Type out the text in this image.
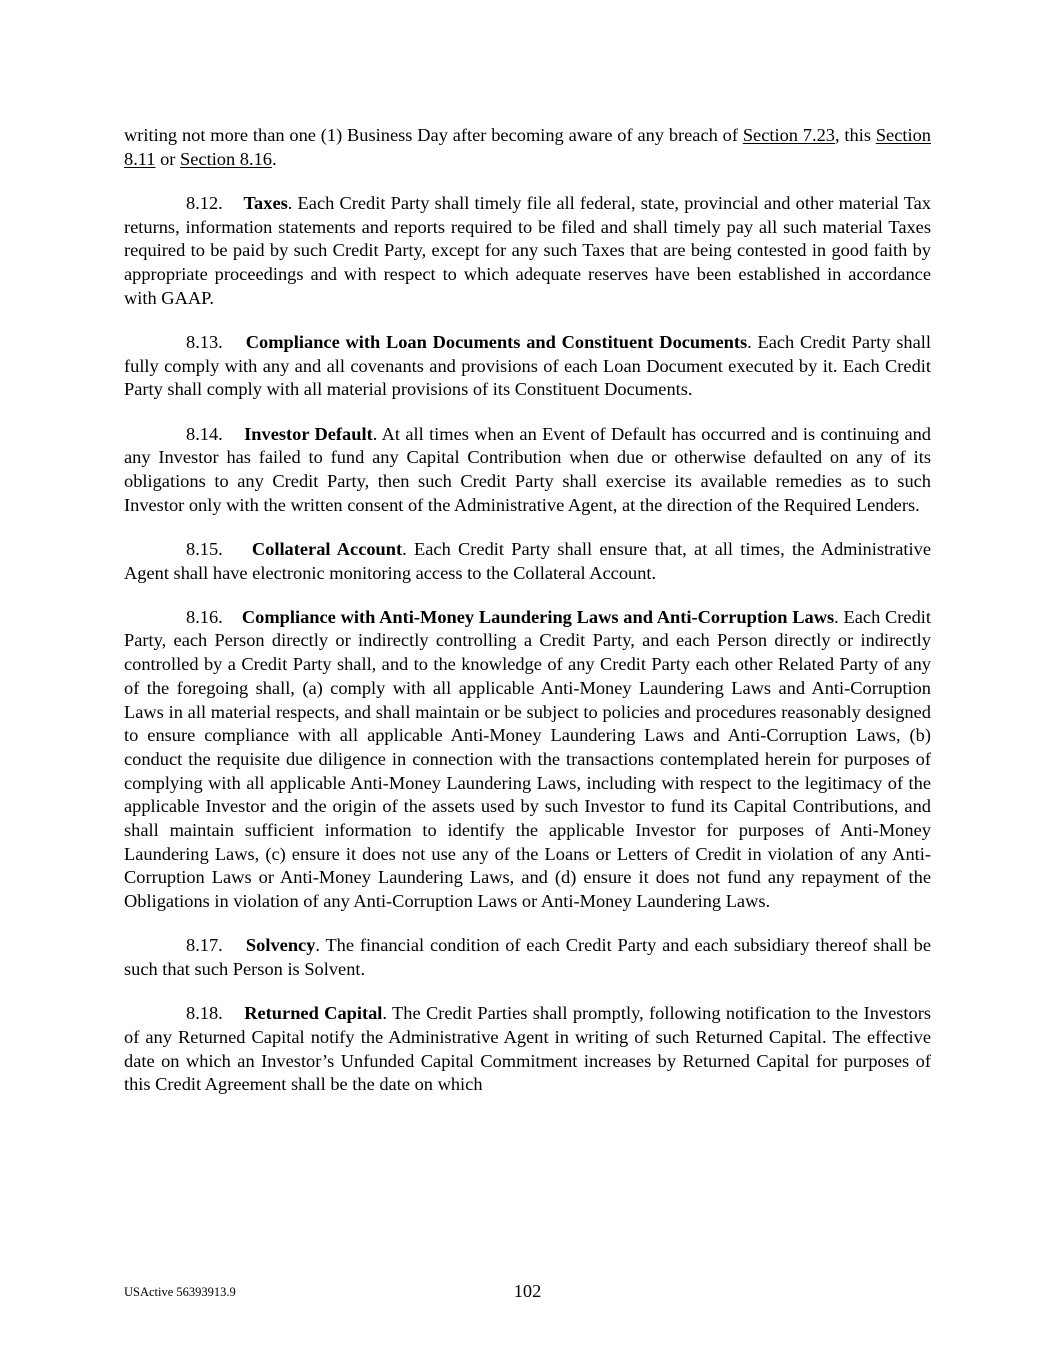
writing not more than one (1) Business Day after becoming aware of any breach of Section 7.23, this Section 8.11 or Section 8.16.

8.12. Taxes. Each Credit Party shall timely file all federal, state, provincial and other material Tax returns, information statements and reports required to be filed and shall timely pay all such material Taxes required to be paid by such Credit Party, except for any such Taxes that are being contested in good faith by appropriate proceedings and with respect to which adequate reserves have been established in accordance with GAAP.

8.13. Compliance with Loan Documents and Constituent Documents. Each Credit Party shall fully comply with any and all covenants and provisions of each Loan Document executed by it. Each Credit Party shall comply with all material provisions of its Constituent Documents.

8.14. Investor Default. At all times when an Event of Default has occurred and is continuing and any Investor has failed to fund any Capital Contribution when due or otherwise defaulted on any of its obligations to any Credit Party, then such Credit Party shall exercise its available remedies as to such Investor only with the written consent of the Administrative Agent, at the direction of the Required Lenders.

8.15. Collateral Account. Each Credit Party shall ensure that, at all times, the Administrative Agent shall have electronic monitoring access to the Collateral Account.

8.16. Compliance with Anti-Money Laundering Laws and Anti-Corruption Laws. Each Credit Party, each Person directly or indirectly controlling a Credit Party, and each Person directly or indirectly controlled by a Credit Party shall, and to the knowledge of any Credit Party each other Related Party of any of the foregoing shall, (a) comply with all applicable Anti-Money Laundering Laws and Anti-Corruption Laws in all material respects, and shall maintain or be subject to policies and procedures reasonably designed to ensure compliance with all applicable Anti-Money Laundering Laws and Anti-Corruption Laws, (b) conduct the requisite due diligence in connection with the transactions contemplated herein for purposes of complying with all applicable Anti-Money Laundering Laws, including with respect to the legitimacy of the applicable Investor and the origin of the assets used by such Investor to fund its Capital Contributions, and shall maintain sufficient information to identify the applicable Investor for purposes of Anti-Money Laundering Laws, (c) ensure it does not use any of the Loans or Letters of Credit in violation of any Anti-Corruption Laws or Anti-Money Laundering Laws, and (d) ensure it does not fund any repayment of the Obligations in violation of any Anti-Corruption Laws or Anti-Money Laundering Laws.

8.17. Solvency. The financial condition of each Credit Party and each subsidiary thereof shall be such that such Person is Solvent.

8.18. Returned Capital. The Credit Parties shall promptly, following notification to the Investors of any Returned Capital notify the Administrative Agent in writing of such Returned Capital. The effective date on which an Investor’s Unfunded Capital Commitment increases by Returned Capital for purposes of this Credit Agreement shall be the date on which

USActive 56393913.9	102
